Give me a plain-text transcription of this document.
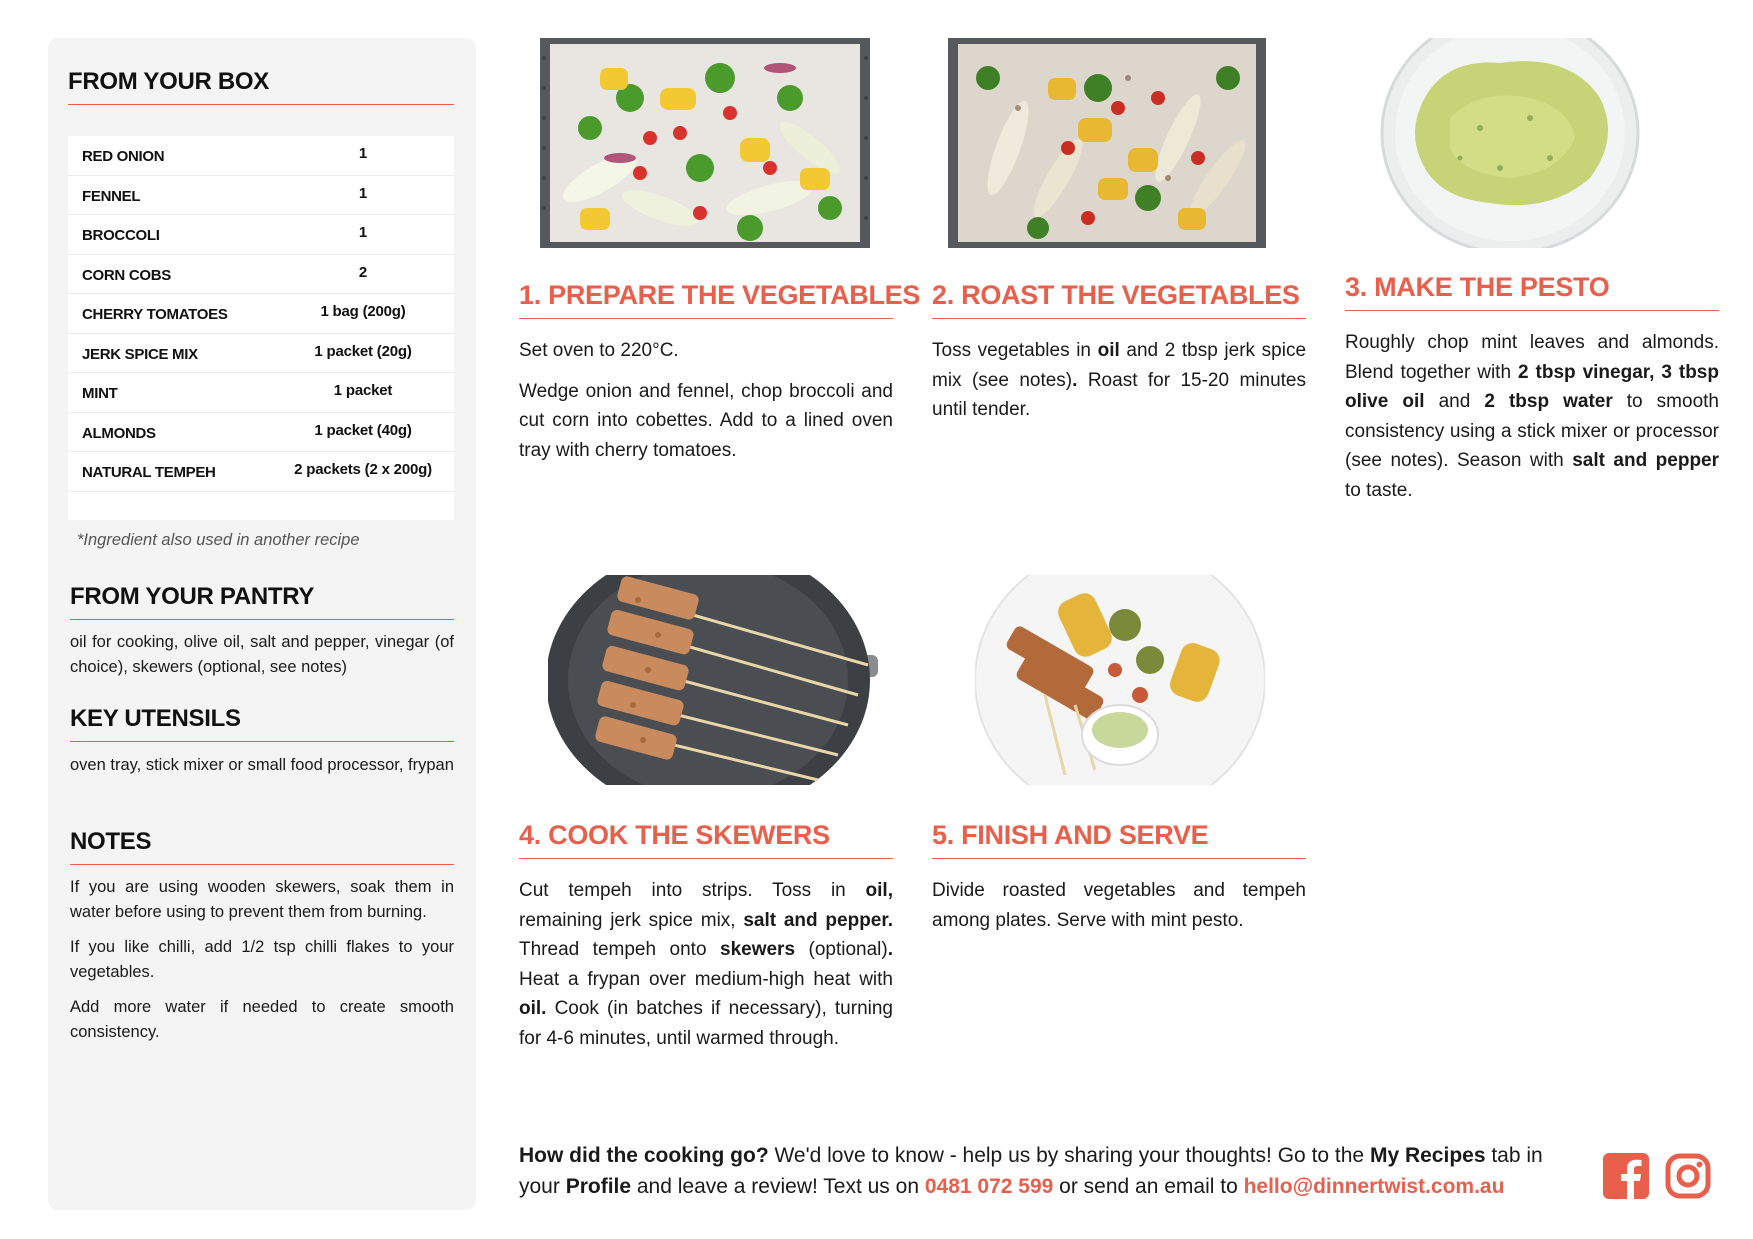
FROM YOUR BOX
RED ONION	1
FENNEL	1
BROCCOLI	1
CORN COBS	2
CHERRY TOMATOES	1 bag (200g)
JERK SPICE MIX	1 packet (20g)
MINT	1 packet
ALMONDS	1 packet (40g)
NATURAL TEMPEH	2 packets (2 x 200g)
*Ingredient also used in another recipe
FROM YOUR PANTRY
oil for cooking, olive oil, salt and pepper, vinegar (of choice), skewers (optional, see notes)
KEY UTENSILS
oven tray, stick mixer or small food processor, frypan
NOTES

If you are using wooden skewers, soak them in water before using to prevent them from burning.

If you like chilli, add 1/2 tsp chilli flakes to your vegetables.

Add more water if needed to create smooth consistency.

1. PREPARE THE VEGETABLES

Set oven to 220°C.

Wedge onion and fennel, chop broccoli and cut corn into cobettes. Add to a lined oven tray with cherry tomatoes.

2. ROAST THE VEGETABLES
Toss vegetables in oil and 2 tbsp jerk spice mix (see notes). Roast for 15-20 minutes until tender.
3. MAKE THE PESTO
Roughly chop mint leaves and almonds. Blend together with 2 tbsp vinegar, 3 tbsp olive oil and 2 tbsp water to smooth consistency using a stick mixer or processor (see notes). Season with salt and pepper to taste.
4. COOK THE SKEWERS
Cut tempeh into strips. Toss in oil, remaining jerk spice mix, salt and pepper. Thread tempeh onto skewers (optional). Heat a frypan over medium-high heat with oil. Cook (in batches if necessary), turning for 4-6 minutes, until warmed through.
5. FINISH AND SERVE
Divide roasted vegetables and tempeh among plates. Serve with mint pesto.
How did the cooking go? We'd love to know - help us by sharing your thoughts! Go to the My Recipes tab in your Profile and leave a review! Text us on 0481 072 599 or send an email to hello@dinnertwist.com.au
